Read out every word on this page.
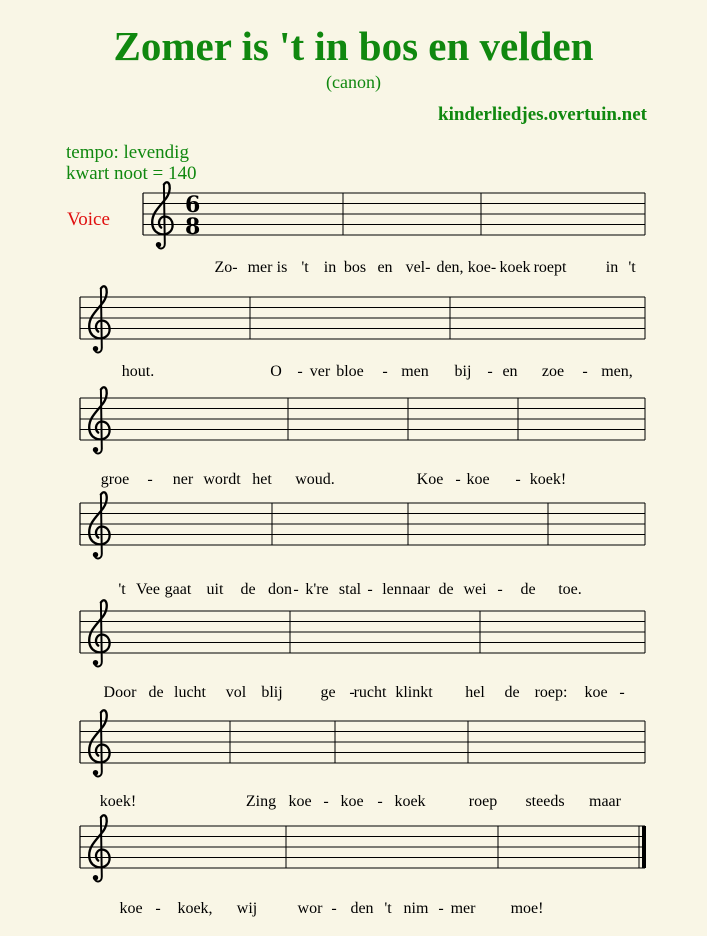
Zomer is 't in bos en velden
(canon)
kinderliedjes.overtuin.net
tempo: levendig
kwart noot = 140
Voice
6
8
Zo- mer is 't in bos en vel- den, koe- koek roept in 't
hout.	O - ver bloe - men bij - en zoe - men,
groe - ner wordt het woud.	Koe - koe - koek!
't Vee gaat uit de don - k're stal - len naar de wei - de toe.
Door de lucht vol blij ge -
rucht klinkt hel de roep: koe -
koek!	Zing koe - koe - koek	roep steeds maar
koe - koek, wij	wor - den 't nim - mer moe!
